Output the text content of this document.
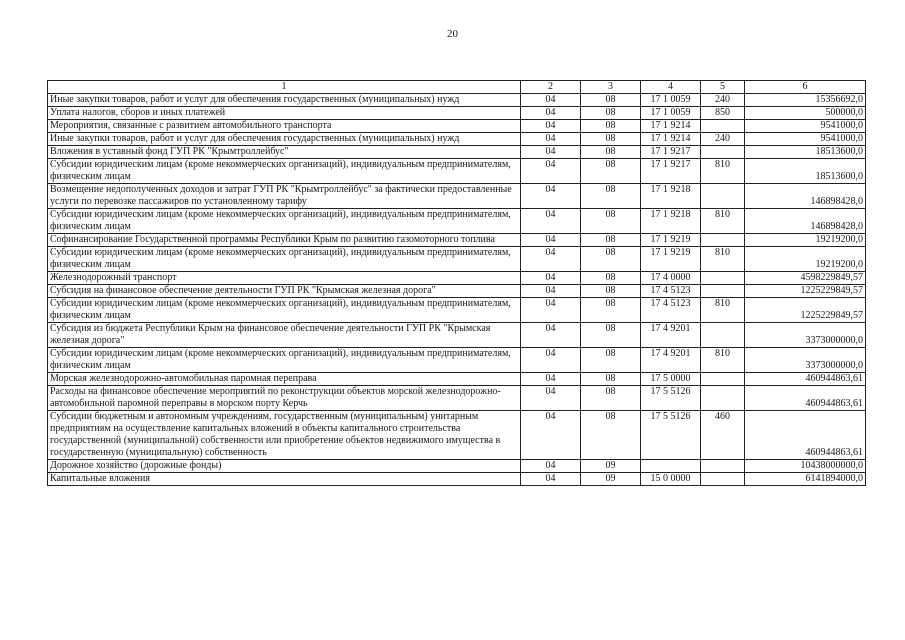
20
1	2	3	4	5	6
Иные закупки товаров, работ и услуг для обеспечения государственных (муниципальных) нужд	04	08	17 1 0059	240	15356692,0
Уплата налогов, сборов и иных платежей	04	08	17 1 0059	850	500000,0
Мероприятия, связанные с развитием автомобильного транспорта	04	08	17 1 9214		9541000,0
Иные закупки товаров, работ и услуг для обеспечения государственных (муниципальных) нужд	04	08	17 1 9214	240	9541000,0
Вложения в уставный фонд ГУП РК "Крымтроллейбус"	04	08	17 1 9217		18513600,0
Субсидии юридическим лицам (кроме некоммерческих организаций), индивидуальным предпринимателям, физическим лицам	04	08	17 1 9217	810	18513600,0
Возмещение недополученных доходов и затрат ГУП РК "Крымтроллейбус" за фактически предоставленные услуги по перевозке пассажиров по установленному тарифу	04	08	17 1 9218		146898428,0
Субсидии юридическим лицам (кроме некоммерческих организаций), индивидуальным предпринимателям, физическим лицам	04	08	17 1 9218	810	146898428,0
Софинансирование Государственной программы Республики Крым по развитию газомоторного топлива	04	08	17 1 9219		19219200,0
Субсидии юридическим лицам (кроме некоммерческих организаций), индивидуальным предпринимателям, физическим лицам	04	08	17 1 9219	810	19219200,0
Железнодорожный транспорт	04	08	17 4 0000		4598229849,57
Субсидия на финансовое обеспечение деятельности ГУП РК "Крымская железная дорога"	04	08	17 4 5123		1225229849,57
Субсидии юридическим лицам (кроме некоммерческих организаций), индивидуальным предпринимателям, физическим лицам	04	08	17 4 5123	810	1225229849,57
Субсидия из бюджета Республики Крым на финансовое обеспечение деятельности ГУП РК "Крымская железная дорога"	04	08	17 4 9201		3373000000,0
Субсидии юридическим лицам (кроме некоммерческих организаций), индивидуальным предпринимателям, физическим лицам	04	08	17 4 9201	810	3373000000,0
Морская железнодорожно-автомобильная паромная переправа	04	08	17 5 0000		460944863,61
Расходы на финансовое обеспечение мероприятий по реконструкции объектов морской железнодорожно-автомобильной паромной переправы в морском порту Керчь	04	08	17 5 5126		460944863,61
Субсидии бюджетным и автономным учреждениям, государственным (муниципальным) унитарным предприятиям на осуществление капитальных вложений в объекты капитального строительства государственной (муниципальной) собственности или приобретение объектов недвижимого имущества в государственную (муниципальную) собственность	04	08	17 5 5126	460	460944863,61
Дорожное хозяйство (дорожные фонды)	04	09			10438000000,0
Капитальные вложения	04	09	15 0 0000		6141894000,0
